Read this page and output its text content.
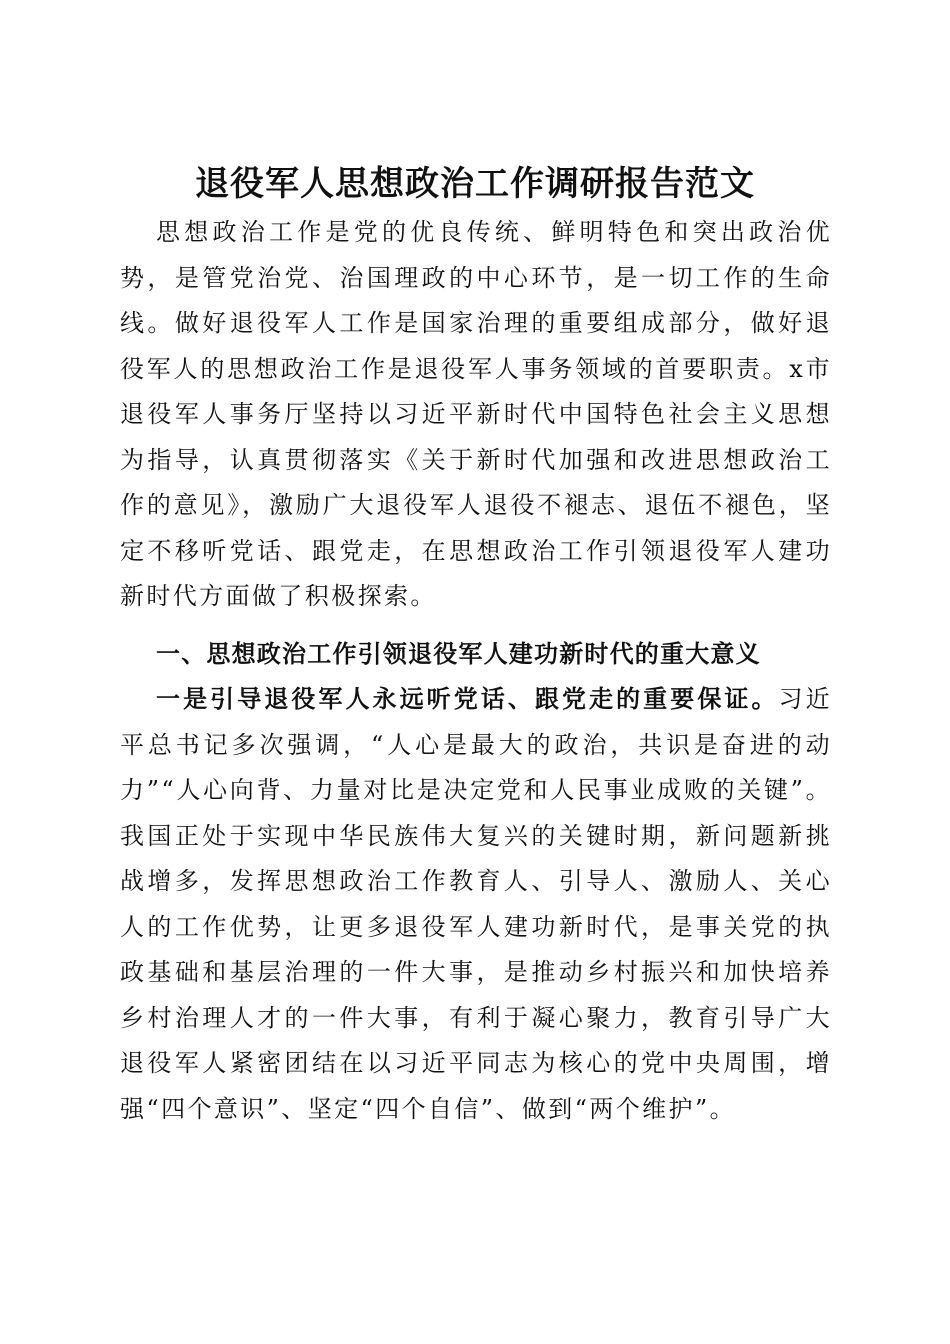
退役军人思想政治工作调研报告范文

思想政治工作是党的优良传统、鲜明特色和突出政治优势，是管党治党、治国理政的中心环节，是一切工作的生命线。做好退役军人工作是国家治理的重要组成部分，做好退役军人的思想政治工作是退役军人事务领域的首要职责。x市退役军人事务厅坚持以习近平新时代中国特色社会主义思想为指导，认真贯彻落实《关于新时代加强和改进思想政治工作的意见》，激励广大退役军人退役不褪志、退伍不褪色，坚定不移听党话、跟党走，在思想政治工作引领退役军人建功新时代方面做了积极探索。

一、思想政治工作引领退役军人建功新时代的重大意义

一是引导退役军人永远听党话、跟党走的重要保证。习近平总书记多次强调，“人心是最大的政治，共识是奋进的动力”“人心向背、力量对比是决定党和人民事业成败的关键”。我国正处于实现中华民族伟大复兴的关键时期，新问题新挑战增多，发挥思想政治工作教育人、引导人、激励人、关心人的工作优势，让更多退役军人建功新时代，是事关党的执政基础和基层治理的一件大事，是推动乡村振兴和加快培养乡村治理人才的一件大事，有利于凝心聚力，教育引导广大退役军人紧密团结在以习近平同志为核心的党中央周围，增强“四个意识”、坚定“四个自信”、做到“两个维护”。
